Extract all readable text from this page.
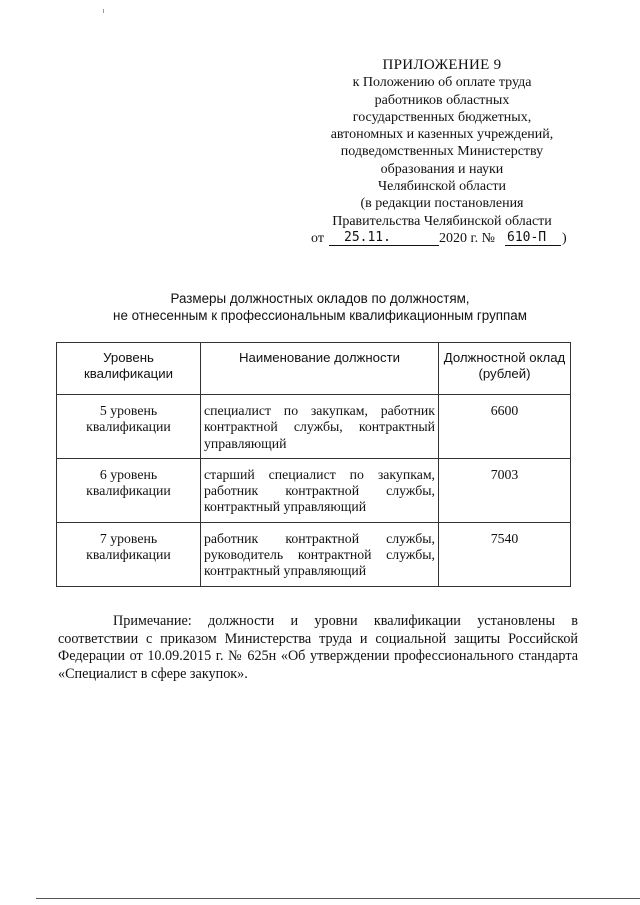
ПРИЛОЖЕНИЕ 9
к Положению об оплате труда
работников областных
государственных бюджетных,
автономных и казенных учреждений,
подведомственных Министерству
образования и науки
Челябинской области
(в редакции постановления
Правительства Челябинской области
от 25.11.	2020 г. № 610-П )
Размеры должностных окладов по должностям,
не отнесенным к профессиональным квалификационным группам
Уровень квалификации	Наименование должности	Должностной оклад (рублей)
5 уровень квалификации	специалист по закупкам, работник контрактной службы, контрактный управляющий	6600
6 уровень квалификации	старший специалист по закупкам, работник контрактной службы, контрактный управляющий	7003
7 уровень квалификации	работник контрактной службы, руководитель контрактной службы, контрактный управляющий	7540
Примечание: должности и уровни квалификации установлены в соответствии с приказом Министерства труда и социальной защиты Российской Федерации от 10.09.2015 г. № 625н «Об утверждении профессионального стандарта «Специалист в сфере закупок».
